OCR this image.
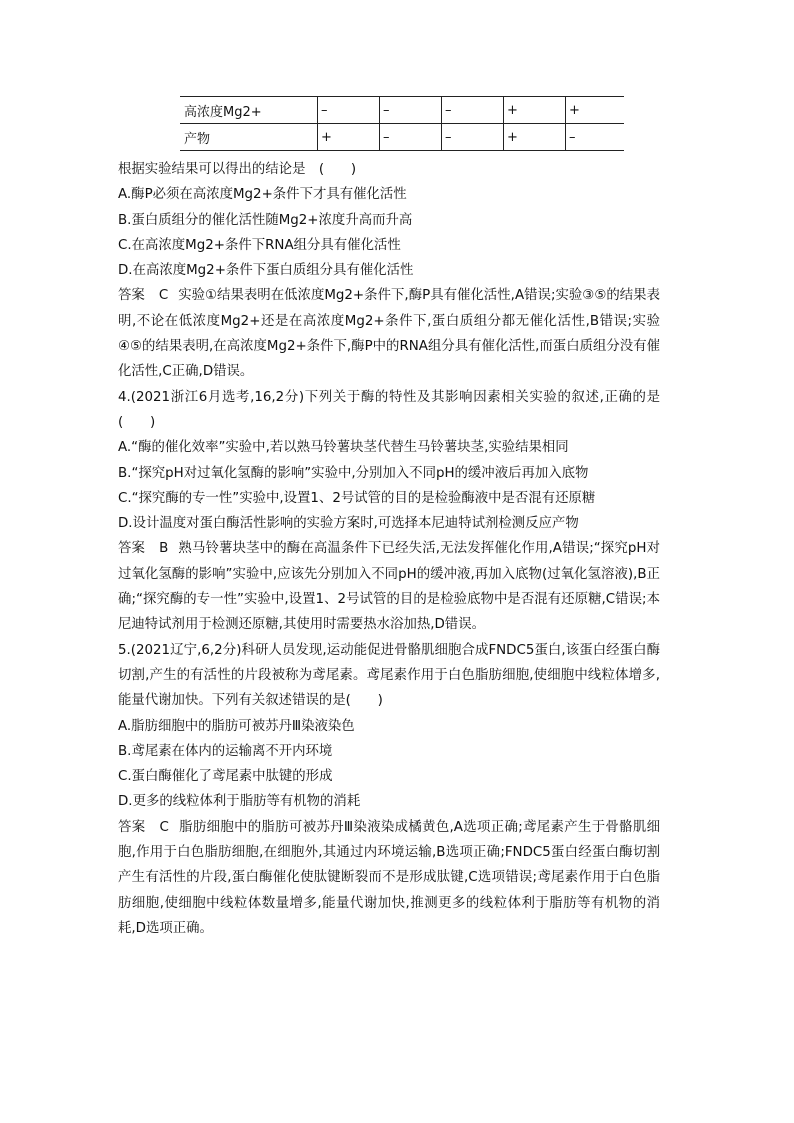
高浓度Mg2+	–	–	–	+	+
产物	+	–	–	+	–

根据实验结果可以得出的结论是　(　　)

A.酶P必须在高浓度Mg2+条件下才具有催化活性

B.蛋白质组分的催化活性随Mg2+浓度升高而升高

C.在高浓度Mg2+条件下RNA组分具有催化活性

D.在高浓度Mg2+条件下蛋白质组分具有催化活性

答案 C 实验①结果表明在低浓度Mg2+条件下,酶P具有催化活性,A错误;实验③⑤的结果表明,不论在低浓度Mg2+还是在高浓度Mg2+条件下,蛋白质组分都无催化活性,B错误;实验④⑤的结果表明,在高浓度Mg2+条件下,酶P中的RNA组分具有催化活性,而蛋白质组分没有催化活性,C正确,D错误。

4.(2021浙江6月选考,16,2分)下列关于酶的特性及其影响因素相关实验的叙述,正确的是(　　)

A.“酶的催化效率”实验中,若以熟马铃薯块茎代替生马铃薯块茎,实验结果相同

B.“探究pH对过氧化氢酶的影响”实验中,分别加入不同pH的缓冲液后再加入底物

C.“探究酶的专一性”实验中,设置1、2号试管的目的是检验酶液中是否混有还原糖

D.设计温度对蛋白酶活性影响的实验方案时,可选择本尼迪特试剂检测反应产物

答案 B 熟马铃薯块茎中的酶在高温条件下已经失活,无法发挥催化作用,A错误;“探究pH对过氧化氢酶的影响”实验中,应该先分别加入不同pH的缓冲液,再加入底物(过氧化氢溶液),B正确;“探究酶的专一性”实验中,设置1、2号试管的目的是检验底物中是否混有还原糖,C错误;本尼迪特试剂用于检测还原糖,其使用时需要热水浴加热,D错误。

5.(2021辽宁,6,2分)科研人员发现,运动能促进骨骼肌细胞合成FNDC5蛋白,该蛋白经蛋白酶切割,产生的有活性的片段被称为鸢尾素。鸢尾素作用于白色脂肪细胞,使细胞中线粒体增多,能量代谢加快。下列有关叙述错误的是(　　)

A.脂肪细胞中的脂肪可被苏丹Ⅲ染液染色

B.鸢尾素在体内的运输离不开内环境

C.蛋白酶催化了鸢尾素中肽键的形成

D.更多的线粒体利于脂肪等有机物的消耗

答案 C 脂肪细胞中的脂肪可被苏丹Ⅲ染液染成橘黄色,A选项正确;鸢尾素产生于骨骼肌细胞,作用于白色脂肪细胞,在细胞外,其通过内环境运输,B选项正确;FNDC5蛋白经蛋白酶切割产生有活性的片段,蛋白酶催化使肽键断裂而不是形成肽键,C选项错误;鸢尾素作用于白色脂肪细胞,使细胞中线粒体数量增多,能量代谢加快,推测更多的线粒体利于脂肪等有机物的消耗,D选项正确。
